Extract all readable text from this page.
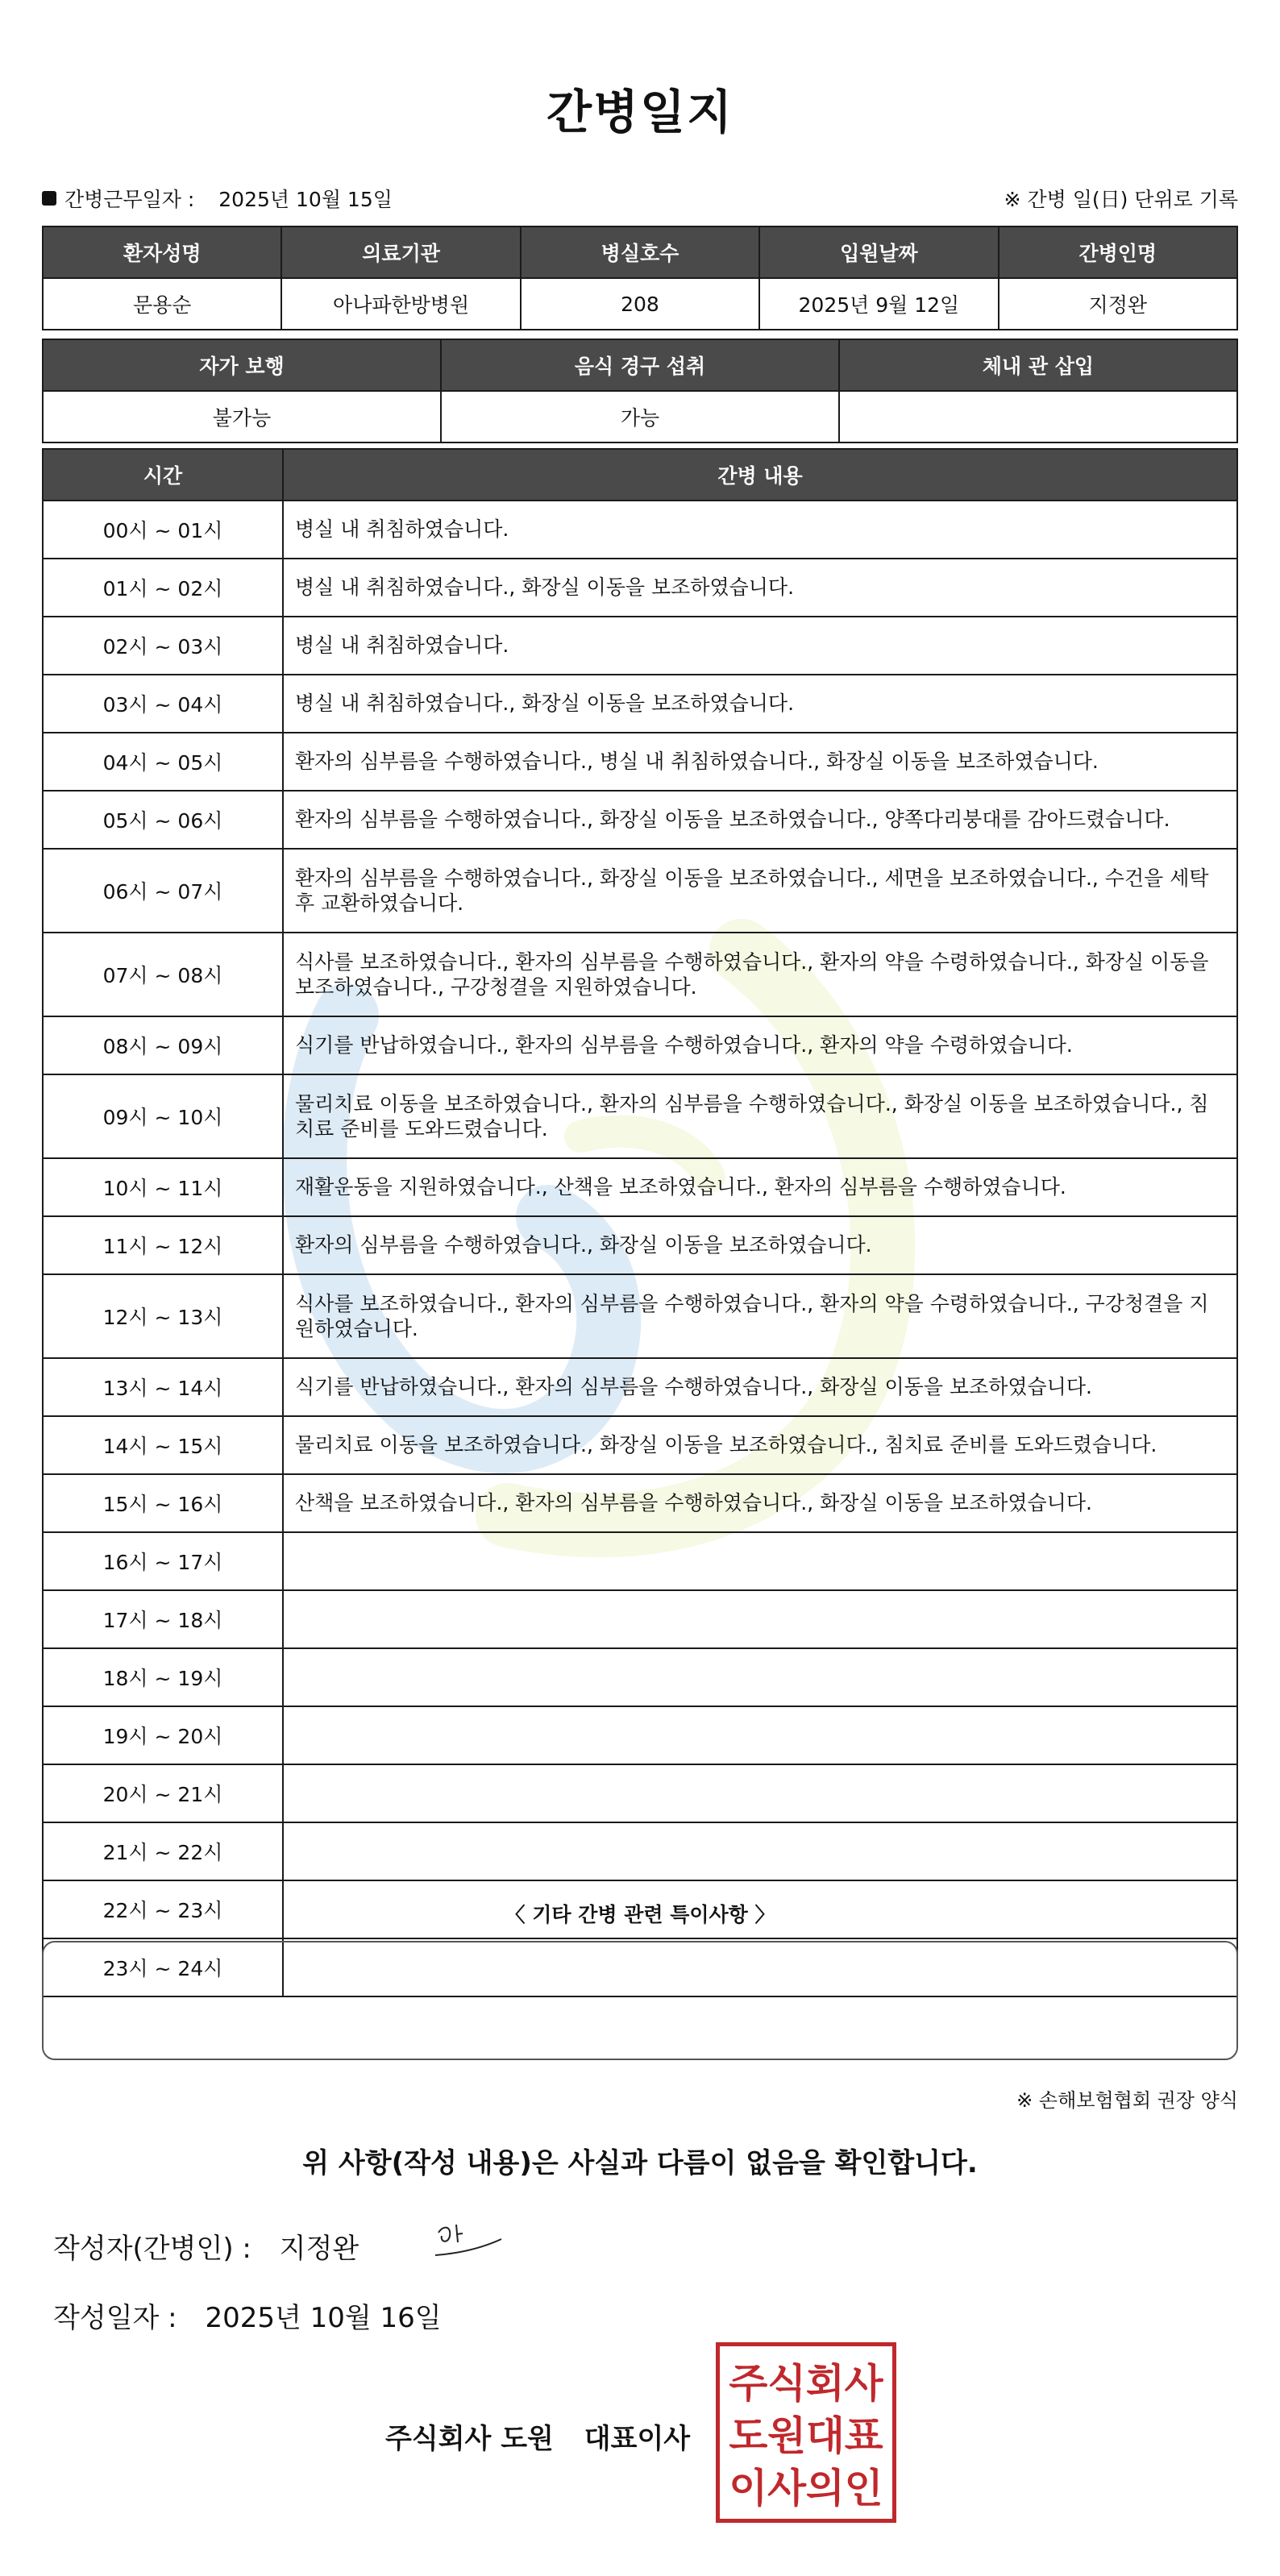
간병일지
간병근무일자 : 2025년 10월 15일	※ 간병 일(日) 단위로 기록
환자성명	의료기관	병실호수	입원날짜	간병인명
문용순	아나파한방병원	208	2025년 9월 12일	지정완
자가 보행	음식 경구 섭취	체내 관 삽입
불가능	가능	
시간	간병 내용
00시 ~ 01시	병실 내 취침하였습니다.
01시 ~ 02시	병실 내 취침하였습니다., 화장실 이동을 보조하였습니다.
02시 ~ 03시	병실 내 취침하였습니다.
03시 ~ 04시	병실 내 취침하였습니다., 화장실 이동을 보조하였습니다.
04시 ~ 05시	환자의 심부름을 수행하였습니다., 병실 내 취침하였습니다., 화장실 이동을 보조하였습니다.
05시 ~ 06시	환자의 심부름을 수행하였습니다., 화장실 이동을 보조하였습니다., 양쪽다리붕대를 감아드렸습니다.
06시 ~ 07시	환자의 심부름을 수행하였습니다., 화장실 이동을 보조하였습니다., 세면을 보조하였습니다., 수건을 세탁 후 교환하였습니다.
07시 ~ 08시	식사를 보조하였습니다., 환자의 심부름을 수행하였습니다., 환자의 약을 수령하였습니다., 화장실 이동을 보조하였습니다., 구강청결을 지원하였습니다.
08시 ~ 09시	식기를 반납하였습니다., 환자의 심부름을 수행하였습니다., 환자의 약을 수령하였습니다.
09시 ~ 10시	물리치료 이동을 보조하였습니다., 환자의 심부름을 수행하였습니다., 화장실 이동을 보조하였습니다., 침치료 준비를 도와드렸습니다.
10시 ~ 11시	재활운동을 지원하였습니다., 산책을 보조하였습니다., 환자의 심부름을 수행하였습니다.
11시 ~ 12시	환자의 심부름을 수행하였습니다., 화장실 이동을 보조하였습니다.
12시 ~ 13시	식사를 보조하였습니다., 환자의 심부름을 수행하였습니다., 환자의 약을 수령하였습니다., 구강청결을 지원하였습니다.
13시 ~ 14시	식기를 반납하였습니다., 환자의 심부름을 수행하였습니다., 화장실 이동을 보조하였습니다.
14시 ~ 15시	물리치료 이동을 보조하였습니다., 화장실 이동을 보조하였습니다., 침치료 준비를 도와드렸습니다.
15시 ~ 16시	산책을 보조하였습니다., 환자의 심부름을 수행하였습니다., 화장실 이동을 보조하였습니다.
16시 ~ 17시	
17시 ~ 18시	
18시 ~ 19시	
19시 ~ 20시	
20시 ~ 21시	
21시 ~ 22시	
22시 ~ 23시	
23시 ~ 24시	
〈 기타 간병 관련 특이사항 〉
※ 손해보험협회 권장 양식
위 사항(작성 내용)은 사실과 다름이 없음을 확인합니다.
작성자(간병인) : 지정완
작성일자 : 2025년 10월 16일
주식회사 도원 대표이사
주 식 회 사
도 원 대 표
이 사 의 인
